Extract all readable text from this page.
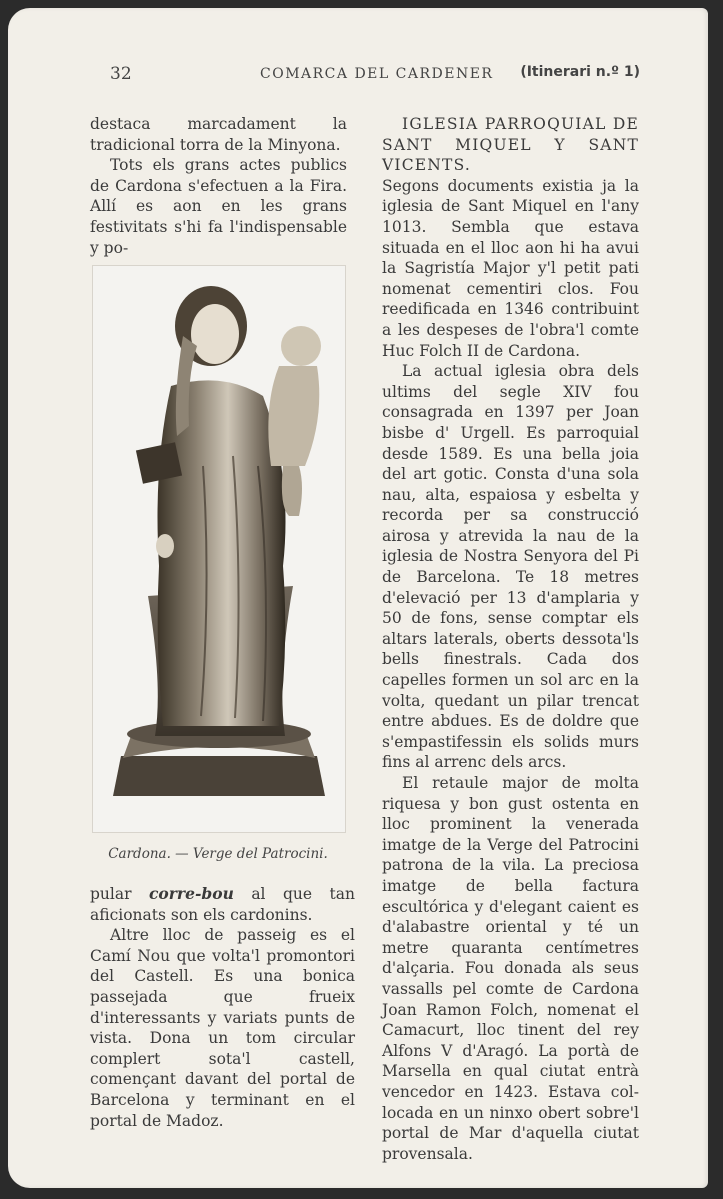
32	COMARCA DEL CARDENER (Itinerari n.º 1)

destaca marcadament la tradicional torra de la Minyona.

Tots els grans actes publics de Cardona s'efectuen a la Fira. Allí es aon en les grans festivitats s'hi fa l'indispensable y po-

Cardona. — Verge del Patrocini.

pular corre-bou al que tan aficionats son els cardonins.

Altre lloc de passeig es el Camí Nou que volta'l promontori del Castell. Es una bonica passejada que frueix d'interessants y variats punts de vista. Dona un tom circular complert sota'l castell, començant davant del portal de Barcelona y terminant en el portal de Madoz.

IGLESIA PARROQUIAL DE SANT MIQUEL Y SANT VICENTS.

Segons documents existia ja la iglesia de Sant Miquel en l'any 1013. Sembla que estava situada en el lloc aon hi ha avui la Sagristía Major y'l petit pati nomenat cementiri clos. Fou reedificada en 1346 contribuint a les despeses de l'obra'l comte Huc Folch II de Cardona.

La actual iglesia obra dels ultims del segle XIV fou consagrada en 1397 per Joan bisbe d' Urgell. Es parroquial desde 1589. Es una bella joia del art gotic. Consta d'una sola nau, alta, espaiosa y esbelta y recorda per sa construcció airosa y atrevida la nau de la iglesia de Nostra Senyora del Pi de Barcelona. Te 18 metres d'elevació per 13 d'amplaria y 50 de fons, sense comptar els altars laterals, oberts dessota'ls bells finestrals. Cada dos capelles formen un sol arc en la volta, quedant un pilar trencat entre abdues. Es de doldre que s'empastifessin els solids murs fins al arrenc dels arcs.

El retaule major de molta riquesa y bon gust ostenta en lloc prominent la venerada imatge de la Verge del Patrocini patrona de la vila. La preciosa imatge de bella factura escultórica y d'elegant caient es d'alabastre oriental y té un metre quaranta centímetres d'alçaria. Fou donada als seus vassalls pel comte de Cardona Joan Ramon Folch, nomenat el Camacurt, lloc tinent del rey Alfons V d'Aragó. La portà de Marsella en qual ciutat entrà vencedor en 1423. Estava col-locada en un ninxo obert sobre'l portal de Mar d'aquella ciutat provensala.
